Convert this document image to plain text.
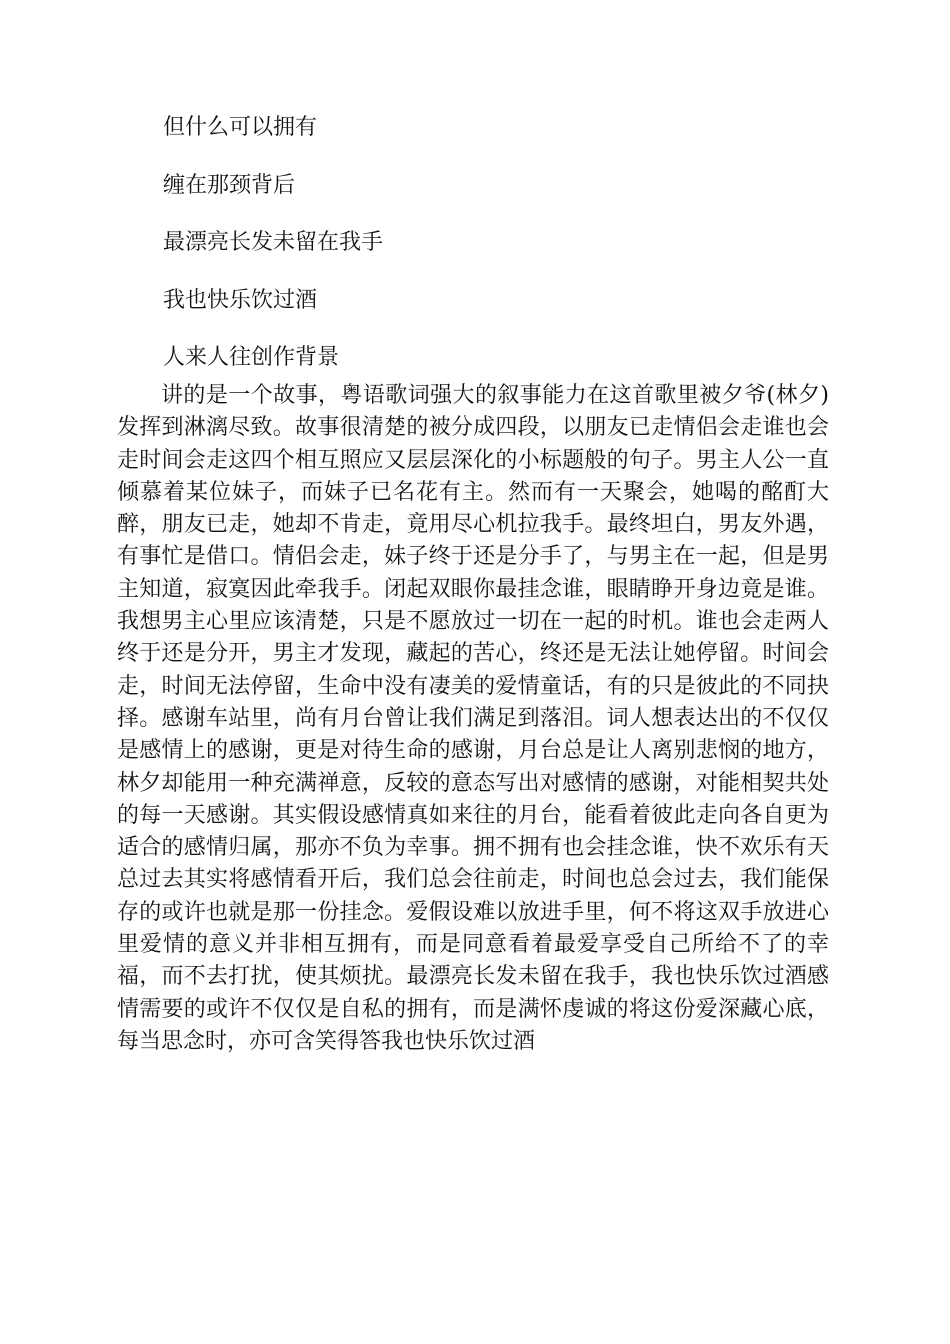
但什么可以拥有

缠在那颈背后

最漂亮长发未留在我手

我也快乐饮过酒

人来人往创作背景

讲的是一个故事，粤语歌词强大的叙事能力在这首歌里被夕爷(林夕)发挥到淋漓尽致。故事很清楚的被分成四段，以朋友已走情侣会走谁也会走时间会走这四个相互照应又层层深化的小标题般的句子。男主人公一直倾慕着某位妹子，而妹子已名花有主。然而有一天聚会，她喝的酩酊大醉，朋友已走，她却不肯走，竟用尽心机拉我手。最终坦白，男友外遇，有事忙是借口。情侣会走，妹子终于还是分手了，与男主在一起，但是男主知道，寂寞因此牵我手。闭起双眼你最挂念谁，眼睛睁开身边竟是谁。我想男主心里应该清楚，只是不愿放过一切在一起的时机。谁也会走两人终于还是分开，男主才发现，藏起的苦心，终还是无法让她停留。时间会走，时间无法停留，生命中没有凄美的爱情童话，有的只是彼此的不同抉择。感谢车站里，尚有月台曾让我们满足到落泪。词人想表达出的不仅仅是感情上的感谢，更是对待生命的感谢，月台总是让人离别悲悯的地方，林夕却能用一种充满禅意，反较的意态写出对感情的感谢，对能相契共处的每一天感谢。其实假设感情真如来往的月台，能看着彼此走向各自更为适合的感情归属，那亦不负为幸事。拥不拥有也会挂念谁，快不欢乐有天总过去其实将感情看开后，我们总会往前走，时间也总会过去，我们能保存的或许也就是那一份挂念。爱假设难以放进手里，何不将这双手放进心里爱情的意义并非相互拥有，而是同意看着最爱享受自己所给不了的幸福，而不去打扰，使其烦扰。最漂亮长发未留在我手，我也快乐饮过酒感情需要的或许不仅仅是自私的拥有，而是满怀虔诚的将这份爱深藏心底，每当思念时，亦可含笑得答我也快乐饮过酒
